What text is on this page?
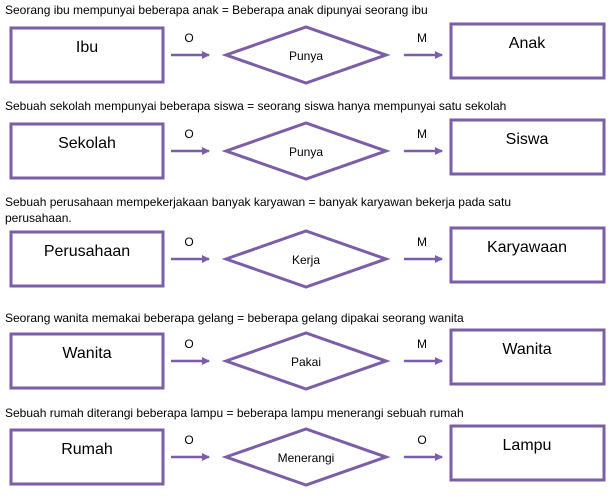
Ibu
O
Punya
M	Anak
Sekolah
O
Punya
M	Siswa
Perusahaan
O
Kerja
M	Karyawaan
Wanita
O
Pakai
M	Wanita
Rumah
O
Menerangi
O	Lampu
Seorang ibu mempunyai beberapa anak = Beberapa anak dipunyai seorang ibu
Sebuah sekolah mempunyai beberapa siswa = seorang siswa hanya mempunyai satu sekolah
Sebuah perusahaan mempekerjakaan banyak karyawan = banyak karyawan bekerja pada satu perusahaan.
Seorang wanita memakai beberapa gelang = beberapa gelang dipakai seorang wanita
Sebuah rumah diterangi beberapa lampu = beberapa lampu menerangi sebuah rumah
